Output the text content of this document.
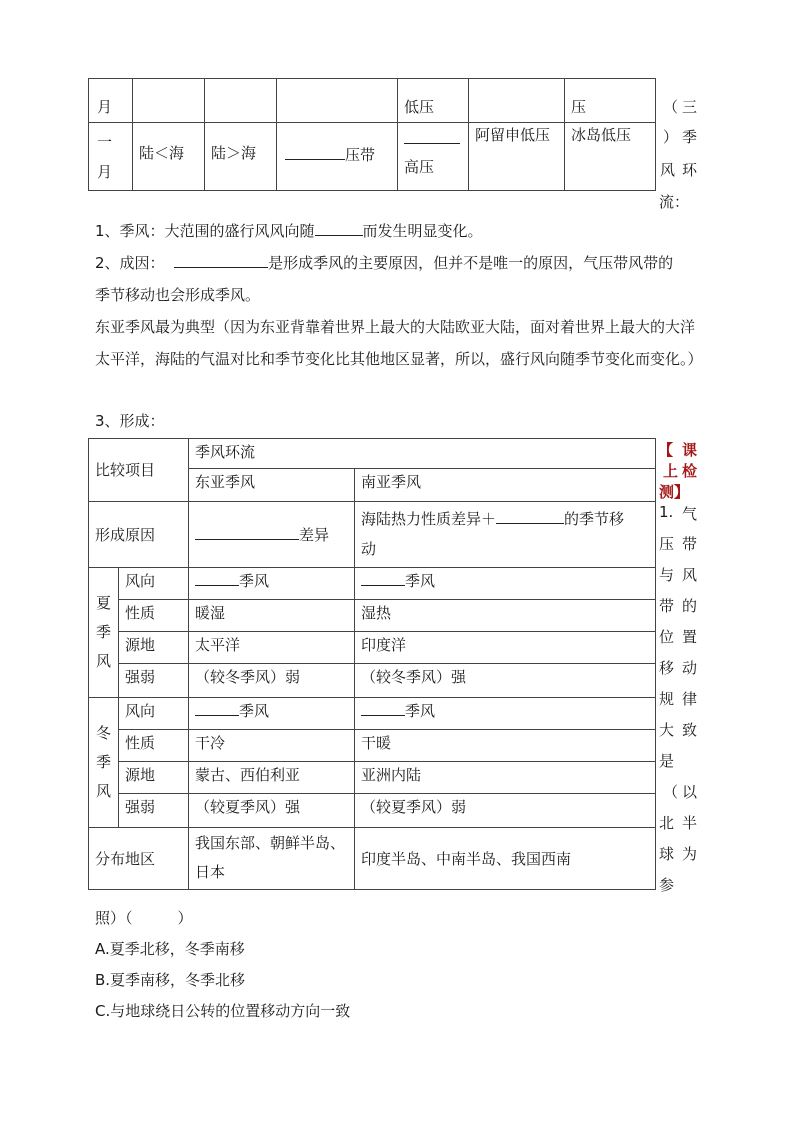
月				低压		压

一月	陆＜海	陆＞海	压带	高压	阿留申低压	冰岛低压
（ 三
） 季
风 环
流：
1、季风：大范围的盛行风风向随	而发生明显变化。
2、成因：	是形成季风的主要原因，但并不是唯一的原因，气压带风带的
季节移动也会形成季风。
东亚季风最为典型（因为东亚背靠着世界上最大的大陆欧亚大陆，面对着世界上最大的大洋太平洋，海陆的气温对比和季节变化比其他地区显著，所以，盛行风向随季节变化而变化。）
3、形成：
比较项目		季风环流	
		东亚季风	南亚季风
形成原因		差异	海陆热力性质差异＋ 的季节移
动

夏
季
风	风向	季风	季风
	性质	暖湿	湿热
	源地	太平洋	印度洋
	强弱	（较冬季风）弱	（较冬季风）强

冬
季
风	风向	季风	季风
	性质	干冷	干暖
	源地	蒙古、西伯利亚	亚洲内陆
	强弱	（较夏季风）强	（较夏季风）弱
分布地区		我国东部、朝鲜半岛、日本	印度半岛、中南半岛、我国西南
【 课
上 检
测 】
1. 气
压 带
与 风
带 的
位 置
移 动
规 律
大 致
是
（ 以
北 半
球 为
参
照）（　　　）
A.夏季北移，冬季南移
B.夏季南移，冬季北移
C.与地球绕日公转的位置移动方向一致
